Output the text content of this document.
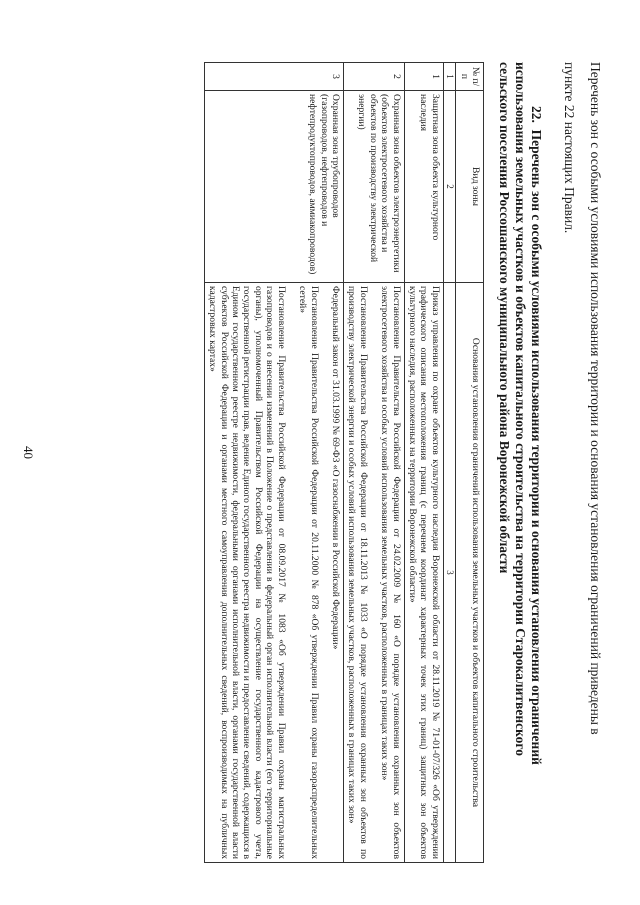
40	Перечень зон с особыми условиями использования территории и основания установления ограничений приведены в
пункте 22 настоящих Правил.
22.  Перечень зон с особыми условиями использования территории и основания установления ограничений
использования земельных участков и объектов капитального строительства на территории Старокалитвенского
сельского поселения Россошанского муниципального района Воронежской области
№ п/п	Вид зоны	Основания установления ограничений использования земельных участков и объектов капитального строительства
1	2	3
1	Защитная зона объекта культурного наследия	Приказ управления по охране объектов культурного наследия Воронежской области от 28.11.2019 № 71-01-07/326 «Об утверждении графического описания местоположения границ (с перечнем координат характерных точек этих границ) защитных зон объектов культурного наследия, расположенных на территории Воронежской области»

2	Охранная зона объектов электроэнергетики (объектов электросетевого хозяйства и объектов по производству электрической энергии)	Постановление Правительства Российской Федерации от 24.02.2009 № 160 «О порядке установления охранных зон объектов электросетевого хозяйства и особых условий использования земельных участков, расположенных в границах таких зон»

Постановление Правительства Российской Федерации от 18.11.2013 № 1033 «О порядке установления охранных зон объектов по производству электрической энергии и особых условий использования земельных участков, расположенных в границах таких зон»

3	Охранная зона трубопроводов (газопроводов, нефтепроводов и нефтепродуктопроводов, аммиакопроводов)	Федеральный закон от 31.03.1999 № 69-ФЗ «О газоснабжении в Российской Федерации»

Постановление Правительства Российской Федерации от 20.11.2000 № 878 «Об утверждении Правил охраны газораспределительных сетей»

Постановление Правительства Российской Федерации от 08.09.2017 № 1083 «Об утверждении Правил охраны магистральных газопроводов и о внесении изменений в Положение о представлении в федеральный орган исполнительной власти (его территориальные органы), уполномоченный Правительством Российской Федерации на осуществление государственного кадастрового учета, государственной регистрации прав, ведение Единого государственного реестра недвижимости и предоставление сведений, содержащихся в Едином государственном реестре недвижимости, федеральными органами исполнительной власти, органами государственной власти субъектов Российской Федерации и органами местного самоуправления дополнительных сведений, воспроизводимых на публичных кадастровых картах»
